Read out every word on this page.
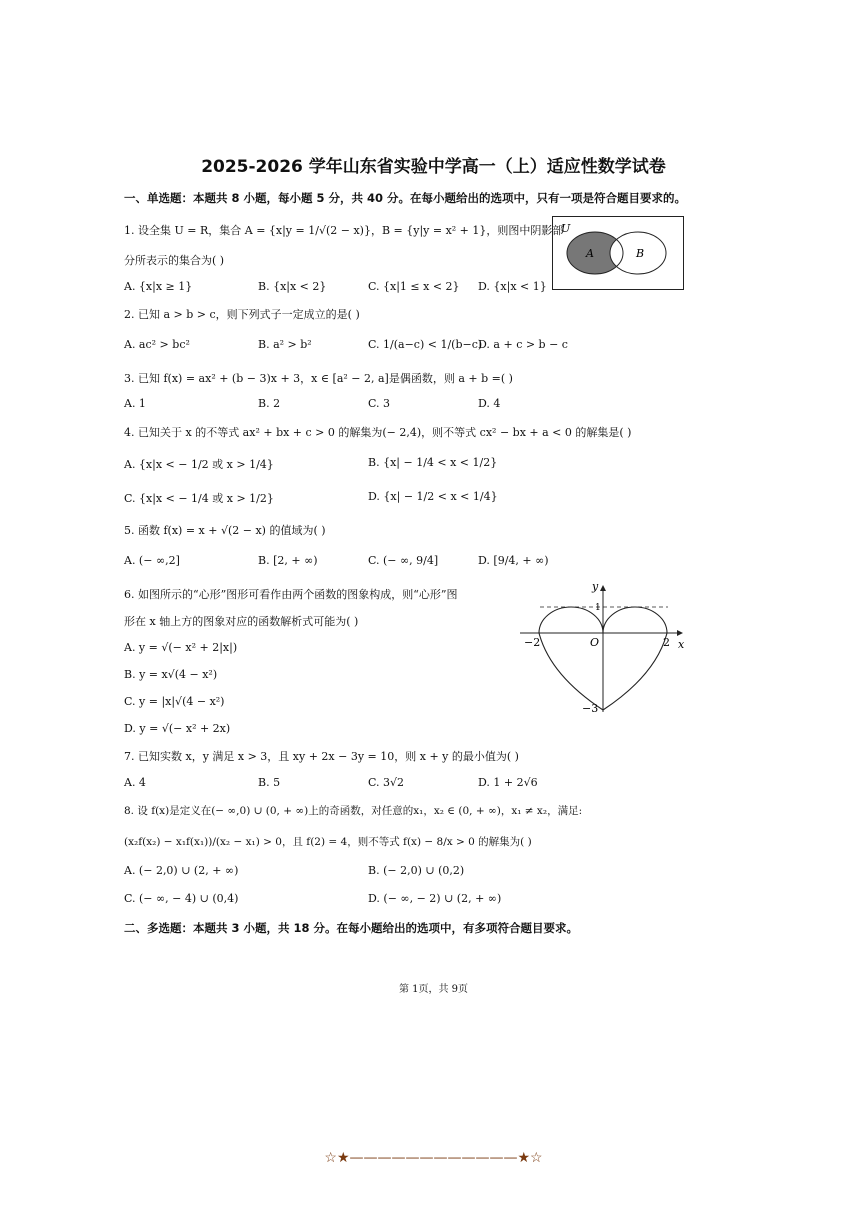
2025-2026 学年山东省实验中学高一（上）适应性数学试卷
一、单选题：本题共 8 小题，每小题 5 分，共 40 分。在每小题给出的选项中，只有一项是符合题目要求的。
1. 设全集 U = R，集合 A = {x|y = 1/√(2 − x)}，B = {y|y = x² + 1}，则图中阴影部
分所表示的集合为( )
A. {x|x ≥ 1}	B. {x|x < 2}	C. {x|1 ≤ x < 2} D. {x|x < 1}
U
A	B
2. 已知 a > b > c，则下列式子一定成立的是( )
A. ac² > bc²	B. a² > b²	C. 1/(a−c) < 1/(b−c)
D. a + c > b − c
3. 已知 f(x) = ax² + (b − 3)x + 3，x ∈ [a² − 2, a]是偶函数，则 a + b =( )
A. 1	B. 2	C. 3	D. 4
4. 已知关于 x 的不等式 ax² + bx + c > 0 的解集为(− 2,4)，则不等式 cx² − bx + a < 0 的解集是( )
A. {x|x < − 1/2 或 x > 1/4}	B. {x| − 1/4 < x < 1/2}
C. {x|x < − 1/4 或 x > 1/2}	D. {x| − 1/2 < x < 1/4}
5. 函数 f(x) = x + √(2 − x) 的值域为( )
A. (− ∞,2]	B. [2, + ∞)	C. (− ∞, 9/4]	D. [9/4, + ∞)
6. 如图所示的“心形”图形可看作由两个函数的图象构成，则“心形”图
形在 x 轴上方的图象对应的函数解析式可能为( )
A. y = √(− x² + 2|x|)
B. y = x√(4 − x²)
C. y = |x|√(4 − x²)
D. y = √(− x² + 2x)
y
x
O
−2	2
−3
1
7. 已知实数 x，y 满足 x > 3，且 xy + 2x − 3y = 10，则 x + y 的最小值为( )
A. 4	B. 5	C. 3√2	D. 1 + 2√6
8. 设 f(x)是定义在(− ∞,0) ∪ (0, + ∞)上的奇函数，对任意的x₁，x₂ ∈ (0, + ∞)，x₁ ≠ x₂，满足:
(x₂f(x₂) − x₁f(x₁))/(x₂ − x₁) > 0，且 f(2) = 4，则不等式 f(x) − 8/x > 0 的解集为( )
A. (− 2,0) ∪ (2, + ∞)	B. (− 2,0) ∪ (0,2)
C. (− ∞, − 4) ∪ (0,4)	D. (− ∞, − 2) ∪ (2, + ∞)
二、多选题：本题共 3 小题，共 18 分。在每小题给出的选项中，有多项符合题目要求。
第 1页，共 9页
☆★————————————★☆
